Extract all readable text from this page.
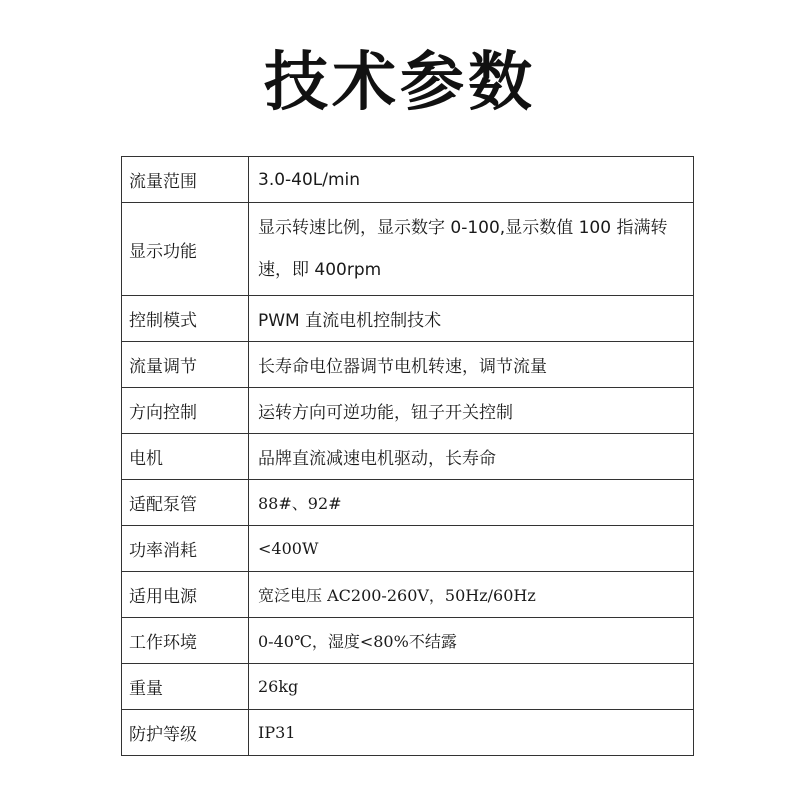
技术参数
流量范围	3.0-40L/min
显示功能	显示转速比例，显示数字 0-100,显示数值 100 指满转速，即 400rpm
控制模式	PWM 直流电机控制技术
流量调节	长寿命电位器调节电机转速，调节流量
方向控制	运转方向可逆功能，钮子开关控制
电机	品牌直流减速电机驱动，长寿命
适配泵管	88#、92#
功率消耗	<400W
适用电源	宽泛电压 AC200-260V，50Hz/60Hz
工作环境	0-40℃，湿度<80%不结露
重量	26kg
防护等级	IP31
